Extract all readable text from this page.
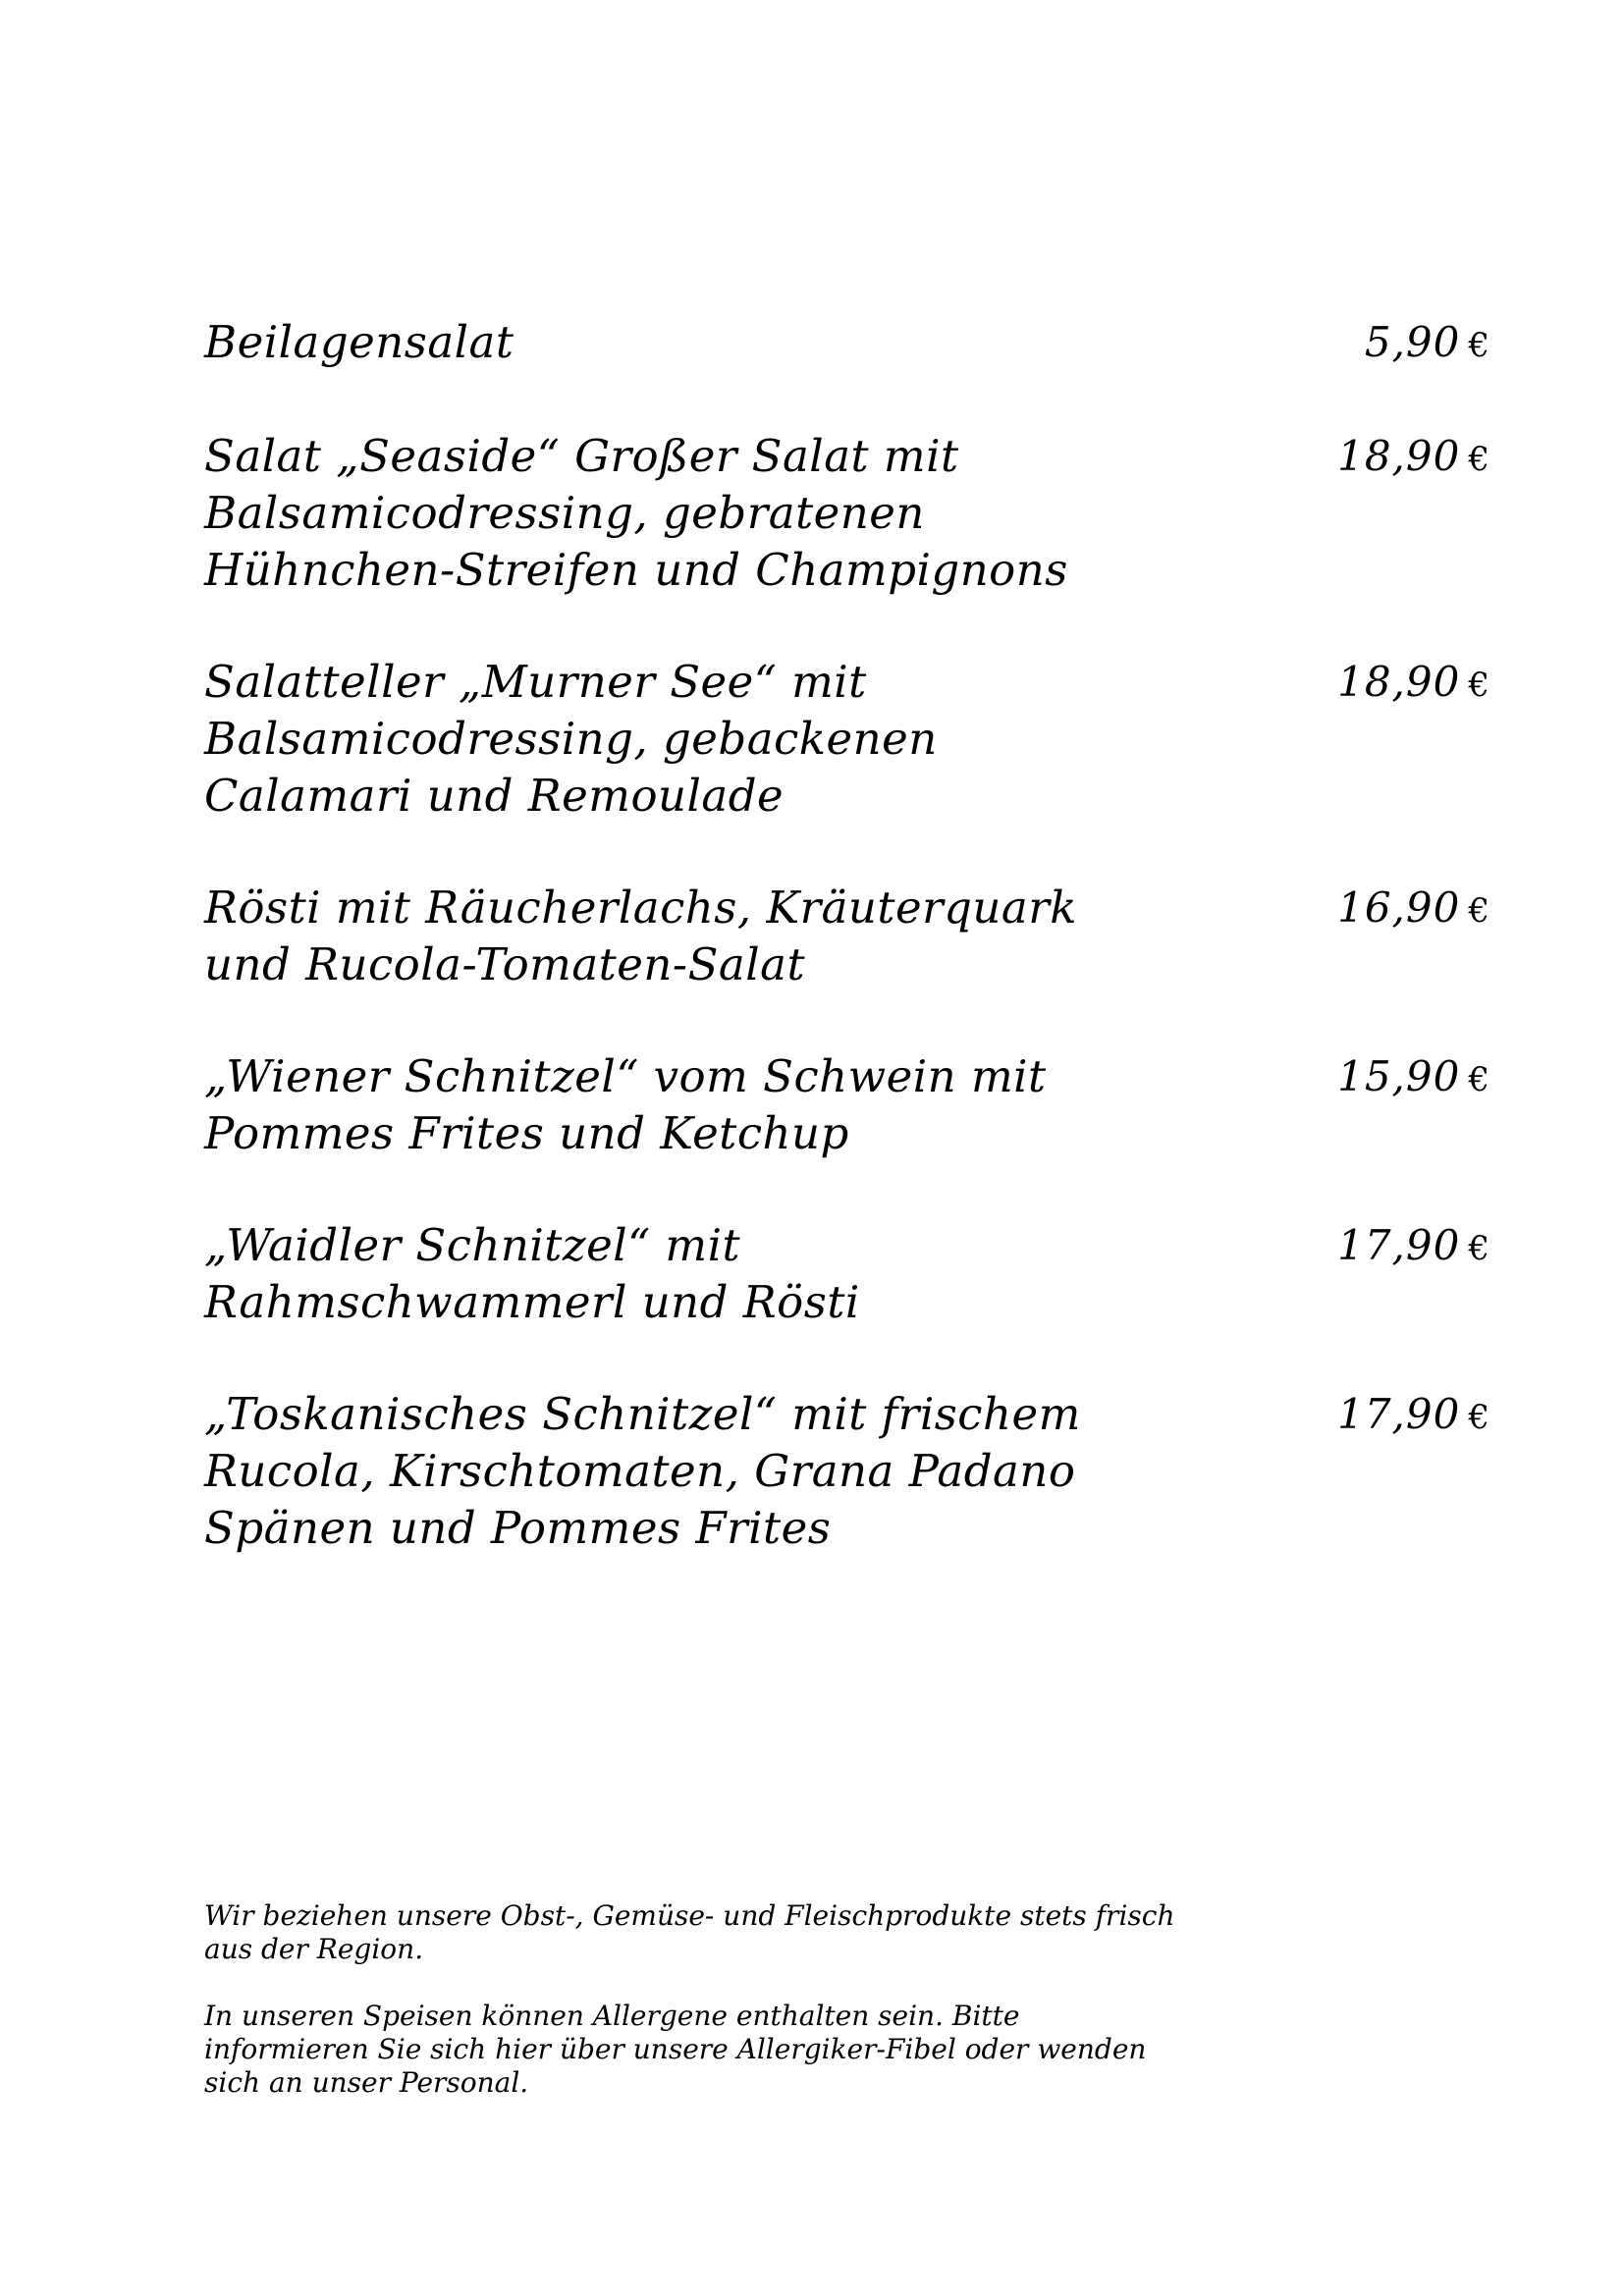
Beilagensalat	5,90 €
Salat „Seaside“ Großer Salat mit Balsamicodressing, gebratenen Hühnchen-Streifen und Champignons
18,90 €
Salatteller „Murner See“ mit Balsamicodressing, gebackenen Calamari und Remoulade
18,90 €
Rösti mit Räucherlachs, Kräuterquark und Rucola-Tomaten-Salat
16,90 €
„Wiener Schnitzel“ vom Schwein mit Pommes Frites und Ketchup
15,90 €
„Waidler Schnitzel“ mit Rahmschwammerl und Rösti
17,90 €
„Toskanisches Schnitzel“ mit frischem Rucola, Kirschtomaten, Grana Padano Spänen und Pommes Frites
17,90 €

Wir beziehen unsere Obst-, Gemüse- und Fleischprodukte stets frisch aus der Region.

In unseren Speisen können Allergene enthalten sein. Bitte informieren Sie sich hier über unsere Allergiker-Fibel oder wenden sich an unser Personal.
